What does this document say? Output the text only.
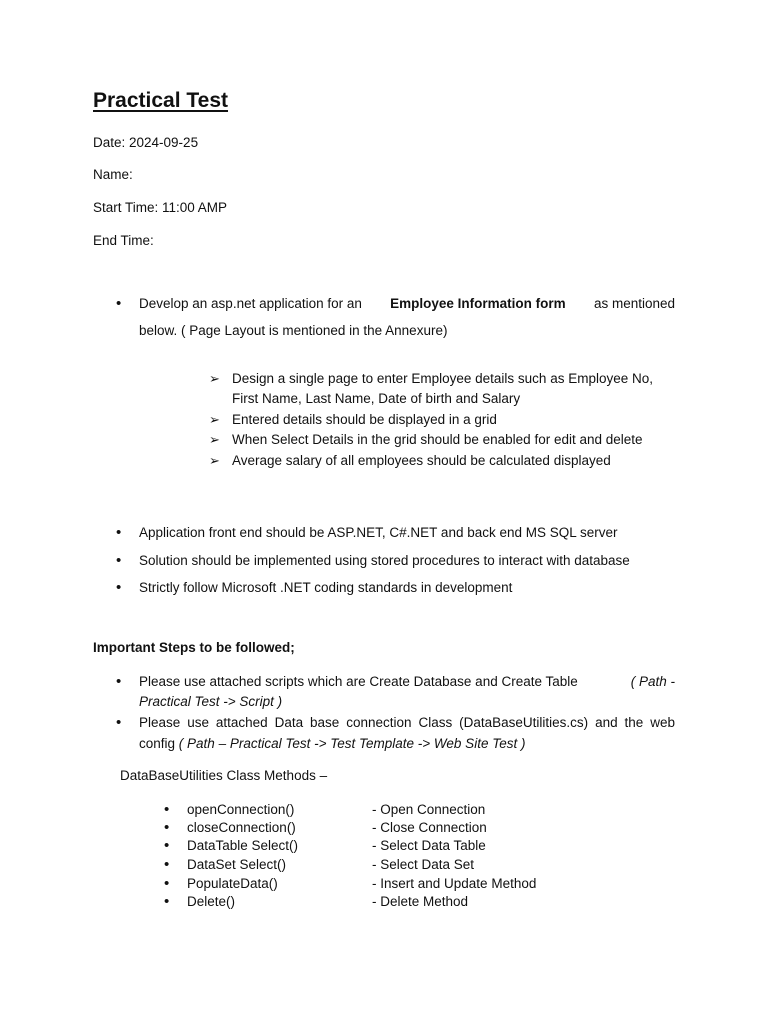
Practical Test
Date: 2024-09-25
Name:
Start Time: 11:00 AMP
End Time:
• Develop an asp.net application for an Employee Information form as mentioned
below. ( Page Layout is mentioned in the Annexure)
➢ Design a single page to enter Employee details such as Employee No,
First Name, Last Name, Date of birth and Salary
➢ Entered details should be displayed in a grid
➢ When Select Details in the grid should be enabled for edit and delete
➢ Average salary of all employees should be calculated displayed
• Application front end should be ASP.NET, C#.NET and back end MS SQL server
• Solution should be implemented using stored procedures to interact with database
• Strictly follow Microsoft .NET coding standards in development
Important Steps to be followed;
• Please use attached scripts which are Create Database and Create Table	( Path -
Practical Test -> Script )
• Please use attached Data base connection Class (DataBaseUtilities.cs) and the web
config ( Path – Practical Test -> Test Template -> Web Site Test )
DataBaseUtilities Class Methods –
• openConnection()	- Open Connection
• closeConnection()	- Close Connection
• DataTable Select()	- Select Data Table
• DataSet Select()	- Select Data Set
• PopulateData()	- Insert and Update Method
• Delete()	- Delete Method
